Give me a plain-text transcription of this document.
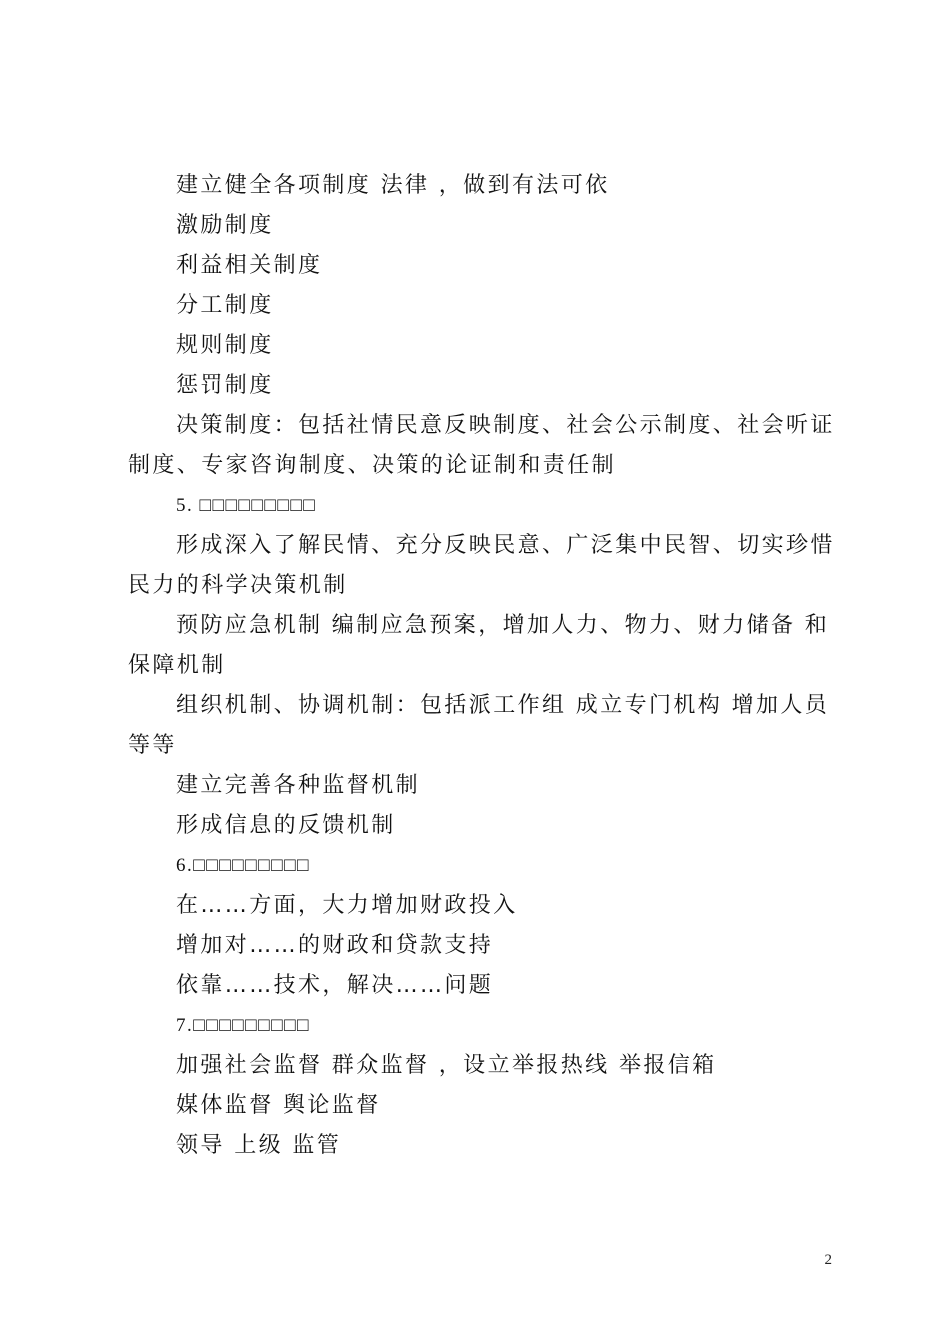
建立健全各项制度 法律 ，做到有法可依
激励制度
利益相关制度
分工制度
规则制度
惩罚制度
决策制度：包括社情民意反映制度、社会公示制度、社会听证
制度、专家咨询制度、决策的论证制和责任制
5. □□□□□□□□□
形成深入了解民情、充分反映民意、广泛集中民智、切实珍惜
民力的科学决策机制
预防应急机制 编制应急预案，增加人力、物力、财力储备 和
保障机制
组织机制、协调机制：包括派工作组 成立专门机构 增加人员
等等
建立完善各种监督机制
形成信息的反馈机制
6.□□□□□□□□□
在……方面，大力增加财政投入
增加对……的财政和贷款支持
依靠……技术，解决……问题
7.□□□□□□□□□
加强社会监督 群众监督 ，设立举报热线 举报信箱
媒体监督 舆论监督
领导 上级 监管
2
